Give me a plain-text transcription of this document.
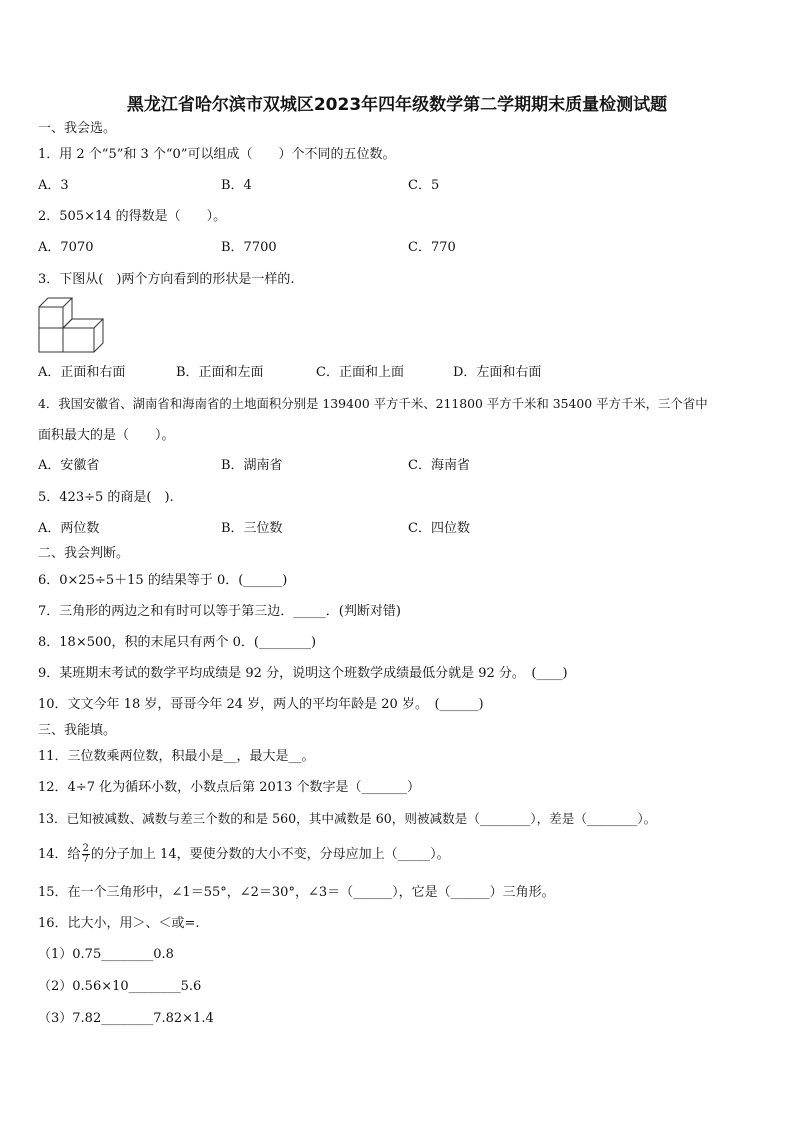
黑龙江省哈尔滨市双城区2023年四年级数学第二学期期末质量检测试题
一、我会选。
1．用 2 个“5”和 3 个“0”可以组成（　　）个不同的五位数。
A．3	B．4	C．5
2．505×14 的得数是（　　）。
A．7070	B．7700	C．770
3．下图从(　)两个方向看到的形状是一样的.
A．正面和右面	B．正面和左面	C．正面和上面	D．左面和右面
4．我国安徽省、湖南省和海南省的土地面积分别是 139400 平方千米、211800 平方千米和 35400 平方千米，三个省中
面积最大的是（　　）。
A．安徽省	B．湖南省	C．海南省
5．423÷5 的商是(　).
A．两位数	B．三位数	C．四位数
二、我会判断。
6．0×25÷5＋15 的结果等于 0．(______)
7．三角形的两边之和有时可以等于第三边．_____．(判断对错)
8．18×500，积的末尾只有两个 0．(________)
9．某班期末考试的数学平均成绩是 92 分，说明这个班数学成绩最低分就是 92 分。　(____)
10．文文今年 18 岁，哥哥今年 24 岁，两人的平均年龄是 20 岁。　(______)
三、我能填。
11．三位数乘两位数，积最小是__，最大是__。
12．4÷7 化为循环小数，小数点后第 2013 个数字是（_______）
13．已知被减数、减数与差三个数的和是 560，其中减数是 60，则被减数是（________），差是（________）。
14．给 $\frac{2}{7}$ 的分子加上 14，要使分数的大小不变，分母应加上（_____）。
15．在一个三角形中，∠1＝55°，∠2＝30°，∠3＝（______），它是（______）三角形。
16．比大小，用＞、＜或=.
（1）0.75________0.8
（2）0.56×10________5.6
（3）7.82________7.82×1.4
